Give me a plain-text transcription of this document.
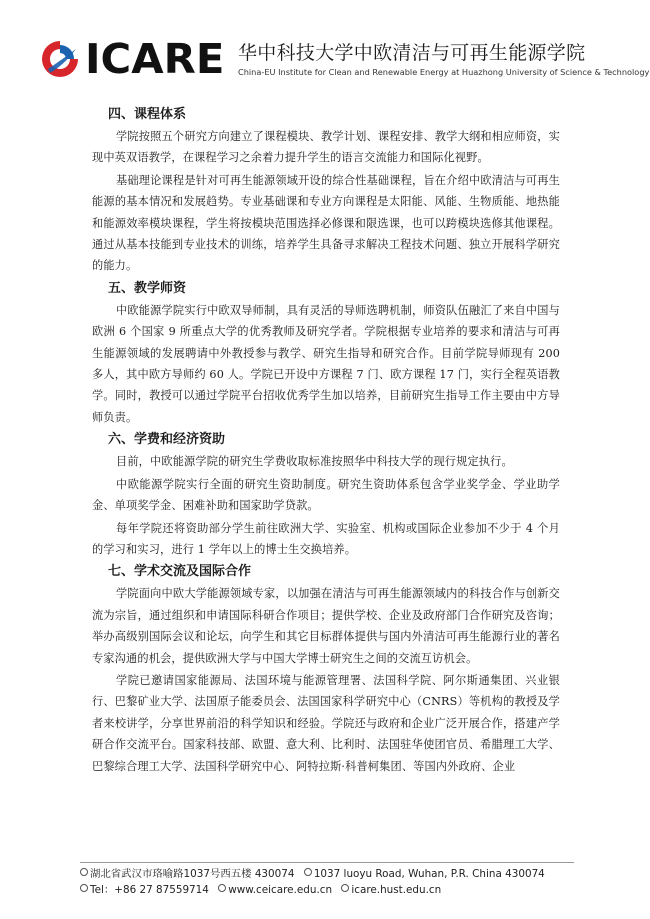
ICARE 华中科技大学中欧清洁与可再生能源学院
China-EU Institute for Clean and Renewable Energy at Huazhong University of Science & Technology
四、课程体系

学院按照五个研究方向建立了课程模块、教学计划、课程安排、教学大纲和相应师资，实现中英双语教学，在课程学习之余着力提升学生的语言交流能力和国际化视野。

基础理论课程是针对可再生能源领域开设的综合性基础课程，旨在介绍中欧清洁与可再生能源的基本情况和发展趋势。专业基础课和专业方向课程是太阳能、风能、生物质能、地热能和能源效率模块课程，学生将按模块范围选择必修课和限选课，也可以跨模块选修其他课程。通过从基本技能到专业技术的训练，培养学生具备寻求解决工程技术问题、独立开展科学研究的能力。

五、教学师资

中欧能源学院实行中欧双导师制，具有灵活的导师选聘机制，师资队伍融汇了来自中国与欧洲 6 个国家 9 所重点大学的优秀教师及研究学者。学院根据专业培养的要求和清洁与可再生能源领域的发展聘请中外教授参与教学、研究生指导和研究合作。目前学院导师现有 200 多人，其中欧方导师约 60 人。学院已开设中方课程 7 门、欧方课程 17 门，实行全程英语教学。同时，教授可以通过学院平台招收优秀学生加以培养，目前研究生指导工作主要由中方导师负责。

六、学费和经济资助

目前，中欧能源学院的研究生学费收取标准按照华中科技大学的现行规定执行。

中欧能源学院实行全面的研究生资助制度。研究生资助体系包含学业奖学金、学业助学金、单项奖学金、困难补助和国家助学贷款。

每年学院还将资助部分学生前往欧洲大学、实验室、机构或国际企业参加不少于 4 个月的学习和实习，进行 1 学年以上的博士生交换培养。

七、学术交流及国际合作

学院面向中欧大学能源领域专家，以加强在清洁与可再生能源领域内的科技合作与创新交流为宗旨，通过组织和申请国际科研合作项目；提供学校、企业及政府部门合作研究及咨询；举办高级别国际会议和论坛，向学生和其它目标群体提供与国内外清洁可再生能源行业的著名专家沟通的机会，提供欧洲大学与中国大学博士研究生之间的交流互访机会。

学院已邀请国家能源局、法国环境与能源管理署、法国科学院、阿尔斯通集团、兴业银行、巴黎矿业大学、法国原子能委员会、法国国家科学研究中心（CNRS）等机构的教授及学者来校讲学，分享世界前沿的科学知识和经验。学院还与政府和企业广泛开展合作，搭建产学研合作交流平台。国家科技部、欧盟、意大利、比利时、法国驻华使团官员、希腊理工大学、巴黎综合理工大学、法国科学研究中心、阿特拉斯·科普柯集团、等国内外政府、企业

湖北省武汉市珞喻路1037号西五楼 430074 1037 luoyu Road, Wuhan, P.R. China 430074
Tel：+86 27 87559714 www.ceicare.edu.cn icare.hust.edu.cn
